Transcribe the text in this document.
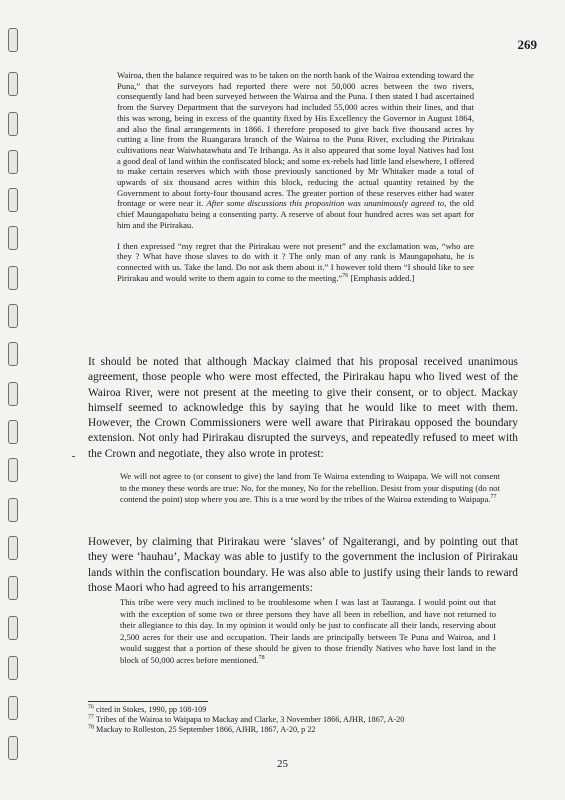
269

Wairoa, then the balance required was to be taken on the north bank of the Wairoa extending toward the Puna,” that the surveyors had reported there were not 50,000 acres between the two rivers, consequently land had been surveyed between the Wairoa and the Puna. I then stated I had ascertained from the Survey Department that the surveyors had included 55,000 acres within their lines, and that this was wrong, being in excess of the quantity fixed by His Excellency the Governor in August 1864, and also the final arrangements in 1866. I therefore proposed to give back five thousand acres by cutting a line from the Ruangarara branch of the Wairoa to the Puna River, excluding the Pirirakau cultivations near Waiwhatawhata and Te Irihanga. As it also appeared that some loyal Natives had lost a good deal of land within the confiscated block; and some ex-rebels had little land elsewhere, I offered to make certain reserves which with those previously sanctioned by Mr Whitaker made a total of upwards of six thousand acres within this block, reducing the actual quantity retained by the Government to about forty-four thousand acres. The greater portion of these reserves either had water frontage or were near it. After some discussions this proposition was unanimously agreed to, the old chief Maungapohatu being a consenting party. A reserve of about four hundred acres was set apart for him and the Pirirakau.

I then expressed “my regret that the Pirirakau were not present” and the exclamation was, “who are they ? What have those slaves to do with it ? The only man of any rank is Maungapohatu, he is connected with us. Take the land. Do not ask them about it.” I however told them “I should like to see Pirirakau and would write to them again to come to the meeting.”$^{76}$ [Emphasis added.]

It should be noted that although Mackay claimed that his proposal received unanimous agreement, those people who were most effected, the Pirirakau hapu who lived west of the Wairoa River, were not present at the meeting to give their consent, or to object. Mackay himself seemed to acknowledge this by saying that he would like to meet with them. However, the Crown Commissioners were well aware that Pirirakau opposed the boundary extension. Not only had Pirirakau disrupted the surveys, and repeatedly refused to meet with the Crown and negotiate, they also wrote in protest:

We will not agree to (or consent to give) the land from Te Wairoa extending to Waipapa. We will not consent to the money these words are true: No, for the money, No for the rebellion. Desist from your disputing (do not contend the point) stop where you are. This is a true word by the tribes of the Wairoa extending to Waipapa.$^{77}$

However, by claiming that Pirirakau were ‘slaves’ of Ngaiterangi, and by pointing out that they were ‘hauhau’, Mackay was able to justify to the government the inclusion of Pirirakau lands within the confiscation boundary. He was also able to justify using their lands to reward those Maori who had agreed to his arrangements:

This tribe were very much inclined to be troublesome when I was last at Tauranga. I would point out that with the exception of some two or three persons they have all been in rebellion, and have not returned to their allegiance to this day. In my opinion it would only be just to confiscate all their lands, reserving about 2,500 acres for their use and occupation. Their lands are principally between Te Puna and Wairoa, and I would suggest that a portion of these should be given to those friendly Natives who have lost land in the block of 50,000 acres before mentioned.$^{78}$

$^{76}$ cited in Stokes, 1990, pp 108-109
$^{77}$ Tribes of the Wairoa to Waipapa to Mackay and Clarke, 3 November 1866, AJHR, 1867, A-20
$^{78}$ Mackay to Rolleston, 25 September 1866, AJHR, 1867, A-20, p 22
25
